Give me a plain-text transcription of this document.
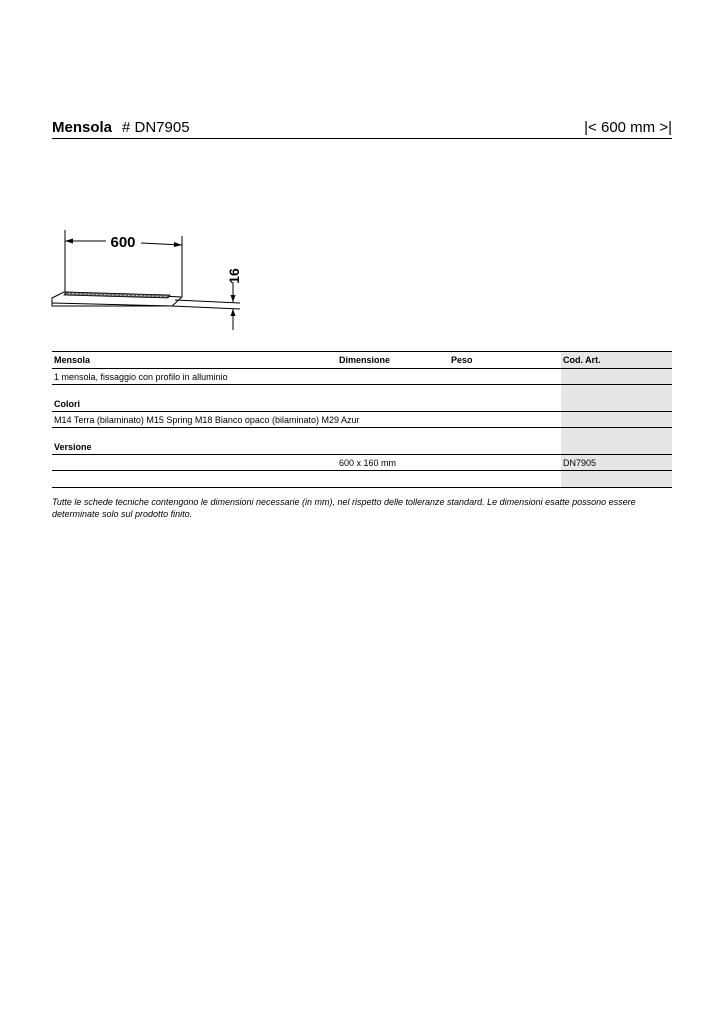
Mensola # DN7905	|< 600 mm >|
600
16
Mensola	Dimensione	Peso	Cod. Art.
1 mensola, fissaggio con profilo in alluminio			

Colori			
M14 Terra (bilaminato) M15 Spring M18 Bianco opaco (bilaminato) M29 Azur			

Versione			
	600 x 160 mm		DN7905

Tutte le schede tecniche contengono le dimensioni necessarie (in mm), nel rispetto delle tolleranze standard. Le dimensioni esatte possono essere determinate solo sul prodotto finito.
